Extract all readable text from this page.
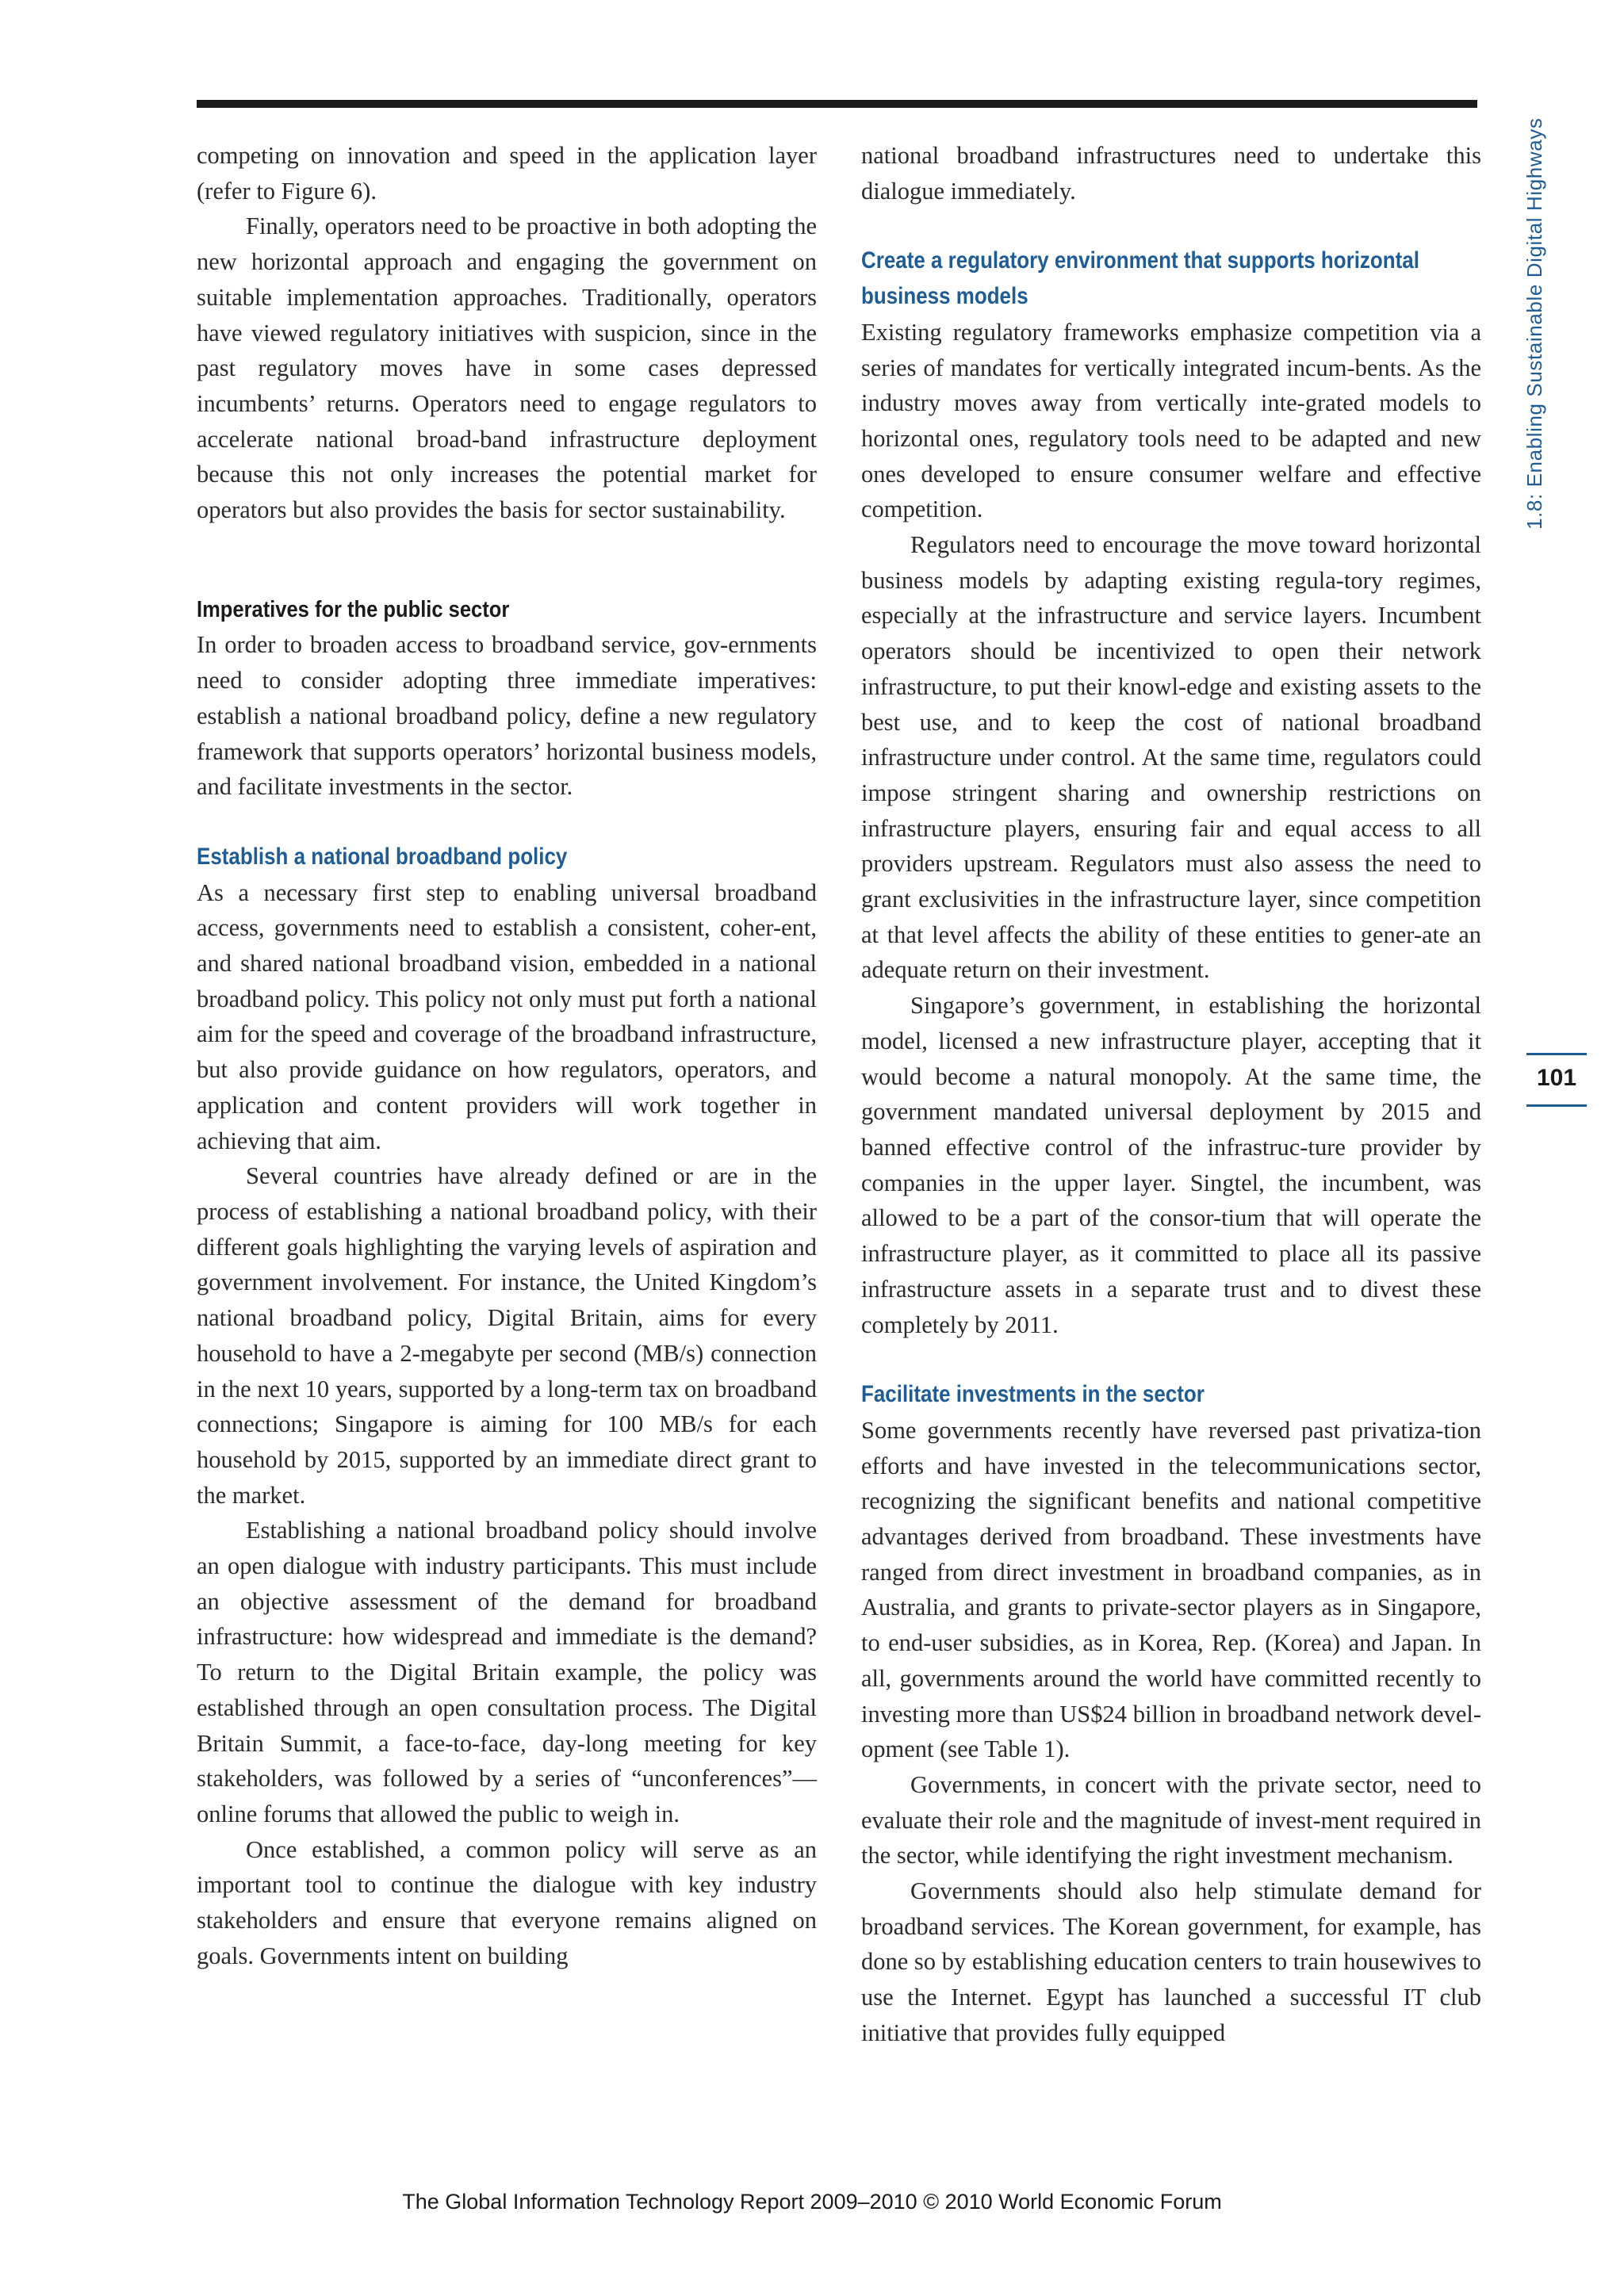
competing on innovation and speed in the application layer (refer to Figure 6).

Finally, operators need to be proactive in both adopting the new horizontal approach and engaging the government on suitable implementation approaches. Traditionally, operators have viewed regulatory initiatives with suspicion, since in the past regulatory moves have in some cases depressed incumbents’ returns. Operators need to engage regulators to accelerate national broad-band infrastructure deployment because this not only increases the potential market for operators but also provides the basis for sector sustainability.

Imperatives for the public sector

In order to broaden access to broadband service, gov-ernments need to consider adopting three immediate imperatives: establish a national broadband policy, define a new regulatory framework that supports operators’ horizontal business models, and facilitate investments in the sector.

Establish a national broadband policy

As a necessary first step to enabling universal broadband access, governments need to establish a consistent, coher-ent, and shared national broadband vision, embedded in a national broadband policy. This policy not only must put forth a national aim for the speed and coverage of the broadband infrastructure, but also provide guidance on how regulators, operators, and application and content providers will work together in achieving that aim.

Several countries have already defined or are in the process of establishing a national broadband policy, with their different goals highlighting the varying levels of aspiration and government involvement. For instance, the United Kingdom’s national broadband policy, Digital Britain, aims for every household to have a 2-megabyte per second (MB/s) connection in the next 10 years, supported by a long-term tax on broadband connections; Singapore is aiming for 100 MB/s for each household by 2015, supported by an immediate direct grant to the market.

Establishing a national broadband policy should involve an open dialogue with industry participants. This must include an objective assessment of the demand for broadband infrastructure: how widespread and immediate is the demand? To return to the Digital Britain example, the policy was established through an open consultation process. The Digital Britain Summit, a face-to-face, day-long meeting for key stakeholders, was followed by a series of “unconferences”—online forums that allowed the public to weigh in.

Once established, a common policy will serve as an important tool to continue the dialogue with key industry stakeholders and ensure that everyone remains aligned on goals. Governments intent on building

national broadband infrastructures need to undertake this dialogue immediately.

Create a regulatory environment that supports horizontal business models

Existing regulatory frameworks emphasize competition via a series of mandates for vertically integrated incum-bents. As the industry moves away from vertically inte-grated models to horizontal ones, regulatory tools need to be adapted and new ones developed to ensure consumer welfare and effective competition.

Regulators need to encourage the move toward horizontal business models by adapting existing regula-tory regimes, especially at the infrastructure and service layers. Incumbent operators should be incentivized to open their network infrastructure, to put their knowl-edge and existing assets to the best use, and to keep the cost of national broadband infrastructure under control. At the same time, regulators could impose stringent sharing and ownership restrictions on infrastructure players, ensuring fair and equal access to all providers upstream. Regulators must also assess the need to grant exclusivities in the infrastructure layer, since competition at that level affects the ability of these entities to gener-ate an adequate return on their investment.

Singapore’s government, in establishing the horizontal model, licensed a new infrastructure player, accepting that it would become a natural monopoly. At the same time, the government mandated universal deployment by 2015 and banned effective control of the infrastruc-ture provider by companies in the upper layer. Singtel, the incumbent, was allowed to be a part of the consor-tium that will operate the infrastructure player, as it committed to place all its passive infrastructure assets in a separate trust and to divest these completely by 2011.

Facilitate investments in the sector

Some governments recently have reversed past privatiza-tion efforts and have invested in the telecommunications sector, recognizing the significant benefits and national competitive advantages derived from broadband. These investments have ranged from direct investment in broadband companies, as in Australia, and grants to private-sector players as in Singapore, to end-user subsidies, as in Korea, Rep. (Korea) and Japan. In all, governments around the world have committed recently to investing more than US$24 billion in broadband network devel-opment (see Table 1).

Governments, in concert with the private sector, need to evaluate their role and the magnitude of invest-ment required in the sector, while identifying the right investment mechanism.

Governments should also help stimulate demand for broadband services. The Korean government, for example, has done so by establishing education centers to train housewives to use the Internet. Egypt has launched a successful IT club initiative that provides fully equipped

1.8: Enabling Sustainable Digital Highways
101
The Global Information Technology Report 2009–2010 © 2010 World Economic Forum
